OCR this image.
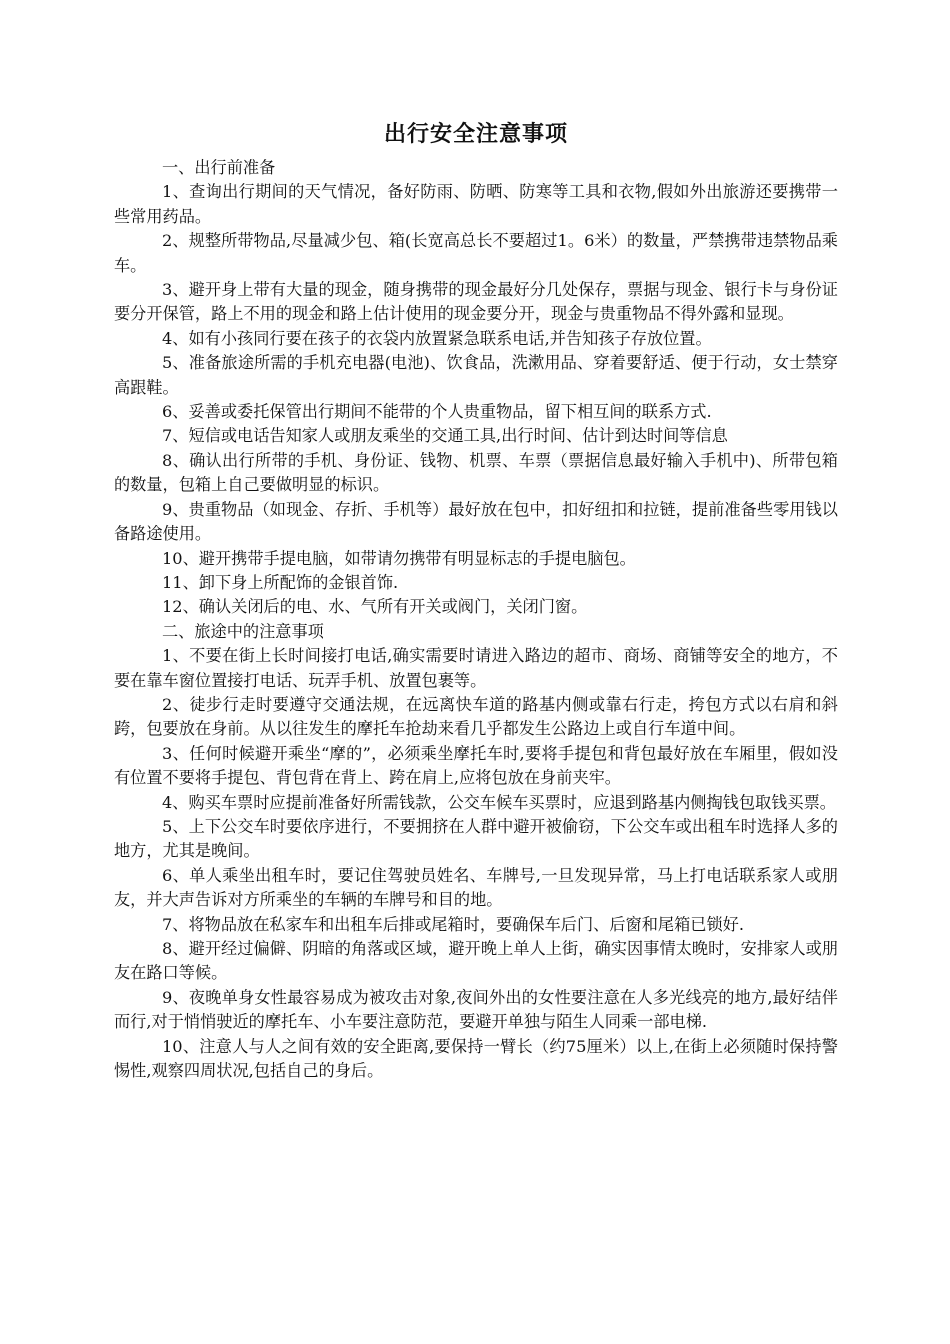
出行安全注意事项

一、出行前准备

1、查询出行期间的天气情况，备好防雨、防晒、防寒等工具和衣物,假如外出旅游还要携带一些常用药品。

2、规整所带物品,尽量减少包、箱(长宽高总长不要超过1。6米）的数量，严禁携带违禁物品乘车。

3、避开身上带有大量的现金，随身携带的现金最好分几处保存，票据与现金、银行卡与身份证要分开保管，路上不用的现金和路上估计使用的现金要分开，现金与贵重物品不得外露和显现。

4、如有小孩同行要在孩子的衣袋内放置紧急联系电话,并告知孩子存放位置。

5、准备旅途所需的手机充电器(电池)、饮食品，洗漱用品、穿着要舒适、便于行动，女士禁穿高跟鞋。

6、妥善或委托保管出行期间不能带的个人贵重物品，留下相互间的联系方式.

7、短信或电话告知家人或朋友乘坐的交通工具,出行时间、估计到达时间等信息

8、确认出行所带的手机、身份证、钱物、机票、车票（票据信息最好输入手机中)、所带包箱的数量，包箱上自己要做明显的标识。

9、贵重物品（如现金、存折、手机等）最好放在包中，扣好纽扣和拉链，提前准备些零用钱以备路途使用。

10、避开携带手提电脑，如带请勿携带有明显标志的手提电脑包。

11、卸下身上所配饰的金银首饰.

12、确认关闭后的电、水、气所有开关或阀门，关闭门窗。

二、旅途中的注意事项

1、不要在街上长时间接打电话,确实需要时请进入路边的超市、商场、商铺等安全的地方，不要在靠车窗位置接打电话、玩弄手机、放置包裹等。

2、徒步行走时要遵守交通法规，在远离快车道的路基内侧或靠右行走，挎包方式以右肩和斜跨，包要放在身前。从以往发生的摩托车抢劫来看几乎都发生公路边上或自行车道中间。

3、任何时候避开乘坐“摩的”，必须乘坐摩托车时,要将手提包和背包最好放在车厢里，假如没有位置不要将手提包、背包背在背上、跨在肩上,应将包放在身前夹牢。

4、购买车票时应提前准备好所需钱款，公交车候车买票时，应退到路基内侧掏钱包取钱买票。

5、上下公交车时要依序进行，不要拥挤在人群中避开被偷窃，下公交车或出租车时选择人多的地方，尤其是晚间。

6、单人乘坐出租车时，要记住驾驶员姓名、车牌号,一旦发现异常，马上打电话联系家人或朋友，并大声告诉对方所乘坐的车辆的车牌号和目的地。

7、将物品放在私家车和出租车后排或尾箱时，要确保车后门、后窗和尾箱已锁好.

8、避开经过偏僻、阴暗的角落或区域，避开晚上单人上街，确实因事情太晚时，安排家人或朋友在路口等候。

9、夜晚单身女性最容易成为被攻击对象,夜间外出的女性要注意在人多光线亮的地方,最好结伴而行,对于悄悄驶近的摩托车、小车要注意防范，要避开单独与陌生人同乘一部电梯.

10、注意人与人之间有效的安全距离,要保持一臂长（约75厘米）以上,在街上必须随时保持警惕性,观察四周状况,包括自己的身后。
